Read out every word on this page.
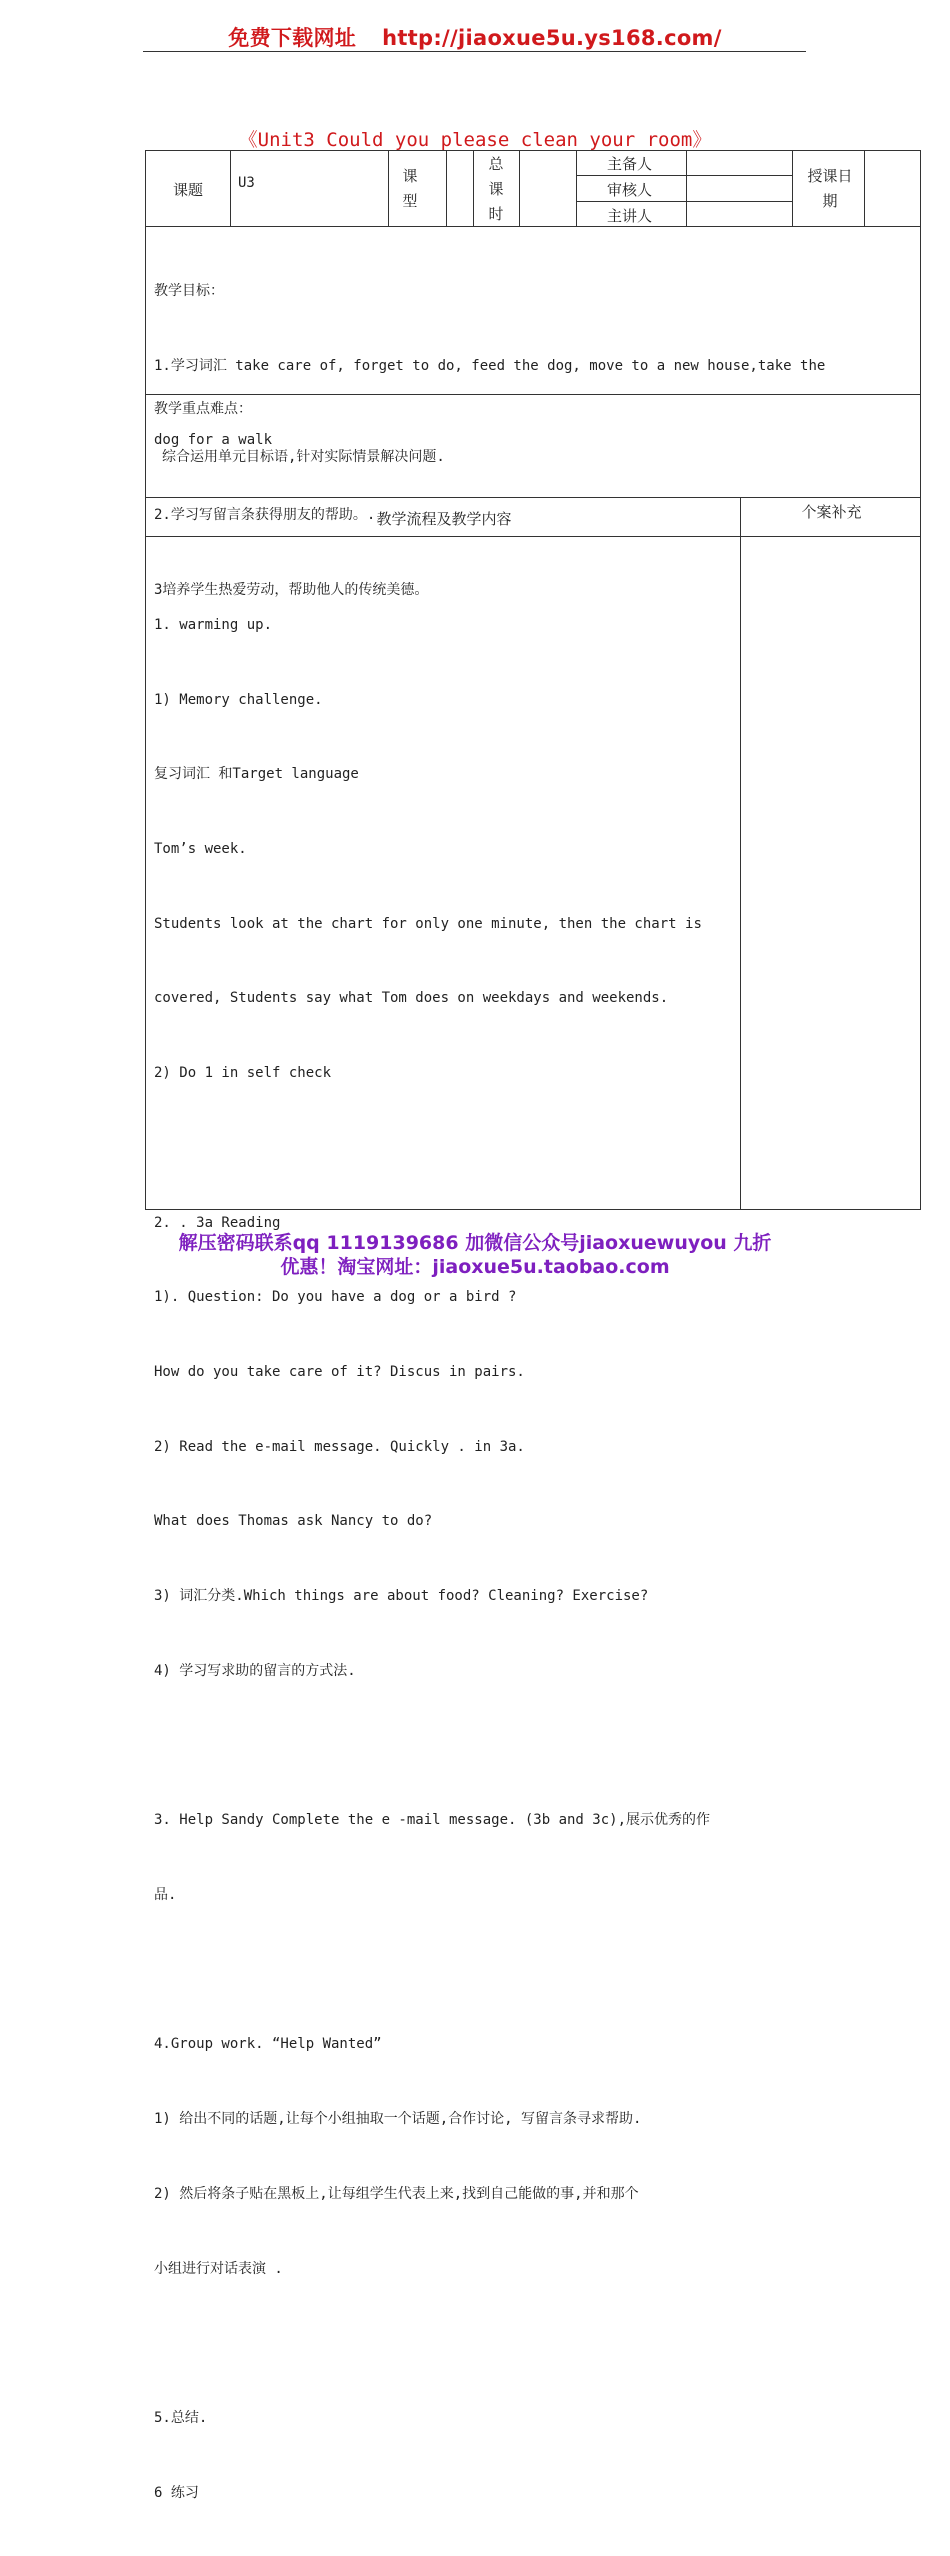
免费下载网址 http://jiaoxue5u.ys168.com/
《Unit3 Could you please clean your room》
课题 U3	课
型
总
课
时
主备人
审核人
主讲人
授课日
期

教学目标：

1.学习词汇 take care of, forget to do, feed the dog, move to a new house,take the

dog for a walk

2.学习写留言条获得朋友的帮助。.

3培养学生热爱劳动，帮助他人的传统美德。

教学重点难点：
综合运用单元目标语,针对实际情景解决问题.
教学流程及教学内容	个案补充

1. warming up.

1) Memory challenge.

复习词汇 和Target language

Tom’s week.

Students look at the chart for only one minute, then the chart is

covered, Students say what Tom does on weekdays and weekends.

2) Do 1 in self check

2. . 3a Reading

1). Question: Do you have a dog or a bird ?

How do you take care of it? Discus in pairs.

2) Read the e-mail message. Quickly . in 3a.

What does Thomas ask Nancy to do?

3) 词汇分类.Which things are about food? Cleaning? Exercise?

4) 学习写求助的留言的方式法.

3. Help Sandy Complete the e -mail message. (3b and 3c),展示优秀的作

品.

4.Group work. “Help Wanted”

1) 给出不同的话题,让每个小组抽取一个话题,合作讨论, 写留言条寻求帮助.

2) 然后将条子贴在黑板上,让每组学生代表上来,找到自己能做的事,并和那个

小组进行对话表演 .

5.总结.

6 练习

解压密码联系qq 1119139686 加微信公众号jiaoxuewuyou 九折
优惠！淘宝网址：jiaoxue5u.taobao.com
